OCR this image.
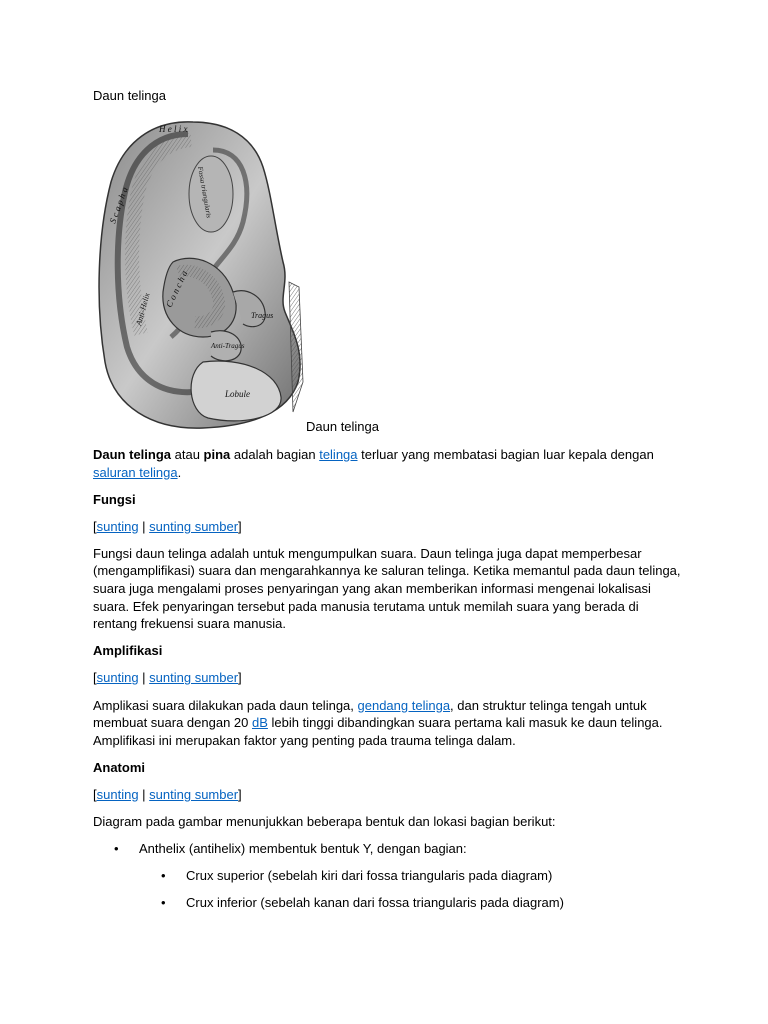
Daun telinga
H e l i x
S c a p h a	Fossa triangularis
C o n c h a
Anti-Helix	Tragus
Anti-Tragus
Lobule
Daun telinga

Daun telinga atau pina adalah bagian telinga terluar yang membatasi bagian luar kepala dengan saluran telinga.

Fungsi

[sunting | sunting sumber]

Fungsi daun telinga adalah untuk mengumpulkan suara. Daun telinga juga dapat memperbesar (mengamplifikasi) suara dan mengarahkannya ke saluran telinga. Ketika memantul pada daun telinga, suara juga mengalami proses penyaringan yang akan memberikan informasi mengenai lokalisasi suara. Efek penyaringan tersebut pada manusia terutama untuk memilah suara yang berada di rentang frekuensi suara manusia.

Amplifikasi

[sunting | sunting sumber]

Amplikasi suara dilakukan pada daun telinga, gendang telinga, dan struktur telinga tengah untuk membuat suara dengan 20 dB lebih tinggi dibandingkan suara pertama kali masuk ke daun telinga. Amplifikasi ini merupakan faktor yang penting pada trauma telinga dalam.

Anatomi

[sunting | sunting sumber]

Diagram pada gambar menunjukkan beberapa bentuk dan lokasi bagian berikut:

• Anthelix (antihelix) membentuk bentuk Y, dengan bagian:
• Crux superior (sebelah kiri dari fossa triangularis pada diagram)
• Crux inferior (sebelah kanan dari fossa triangularis pada diagram)
